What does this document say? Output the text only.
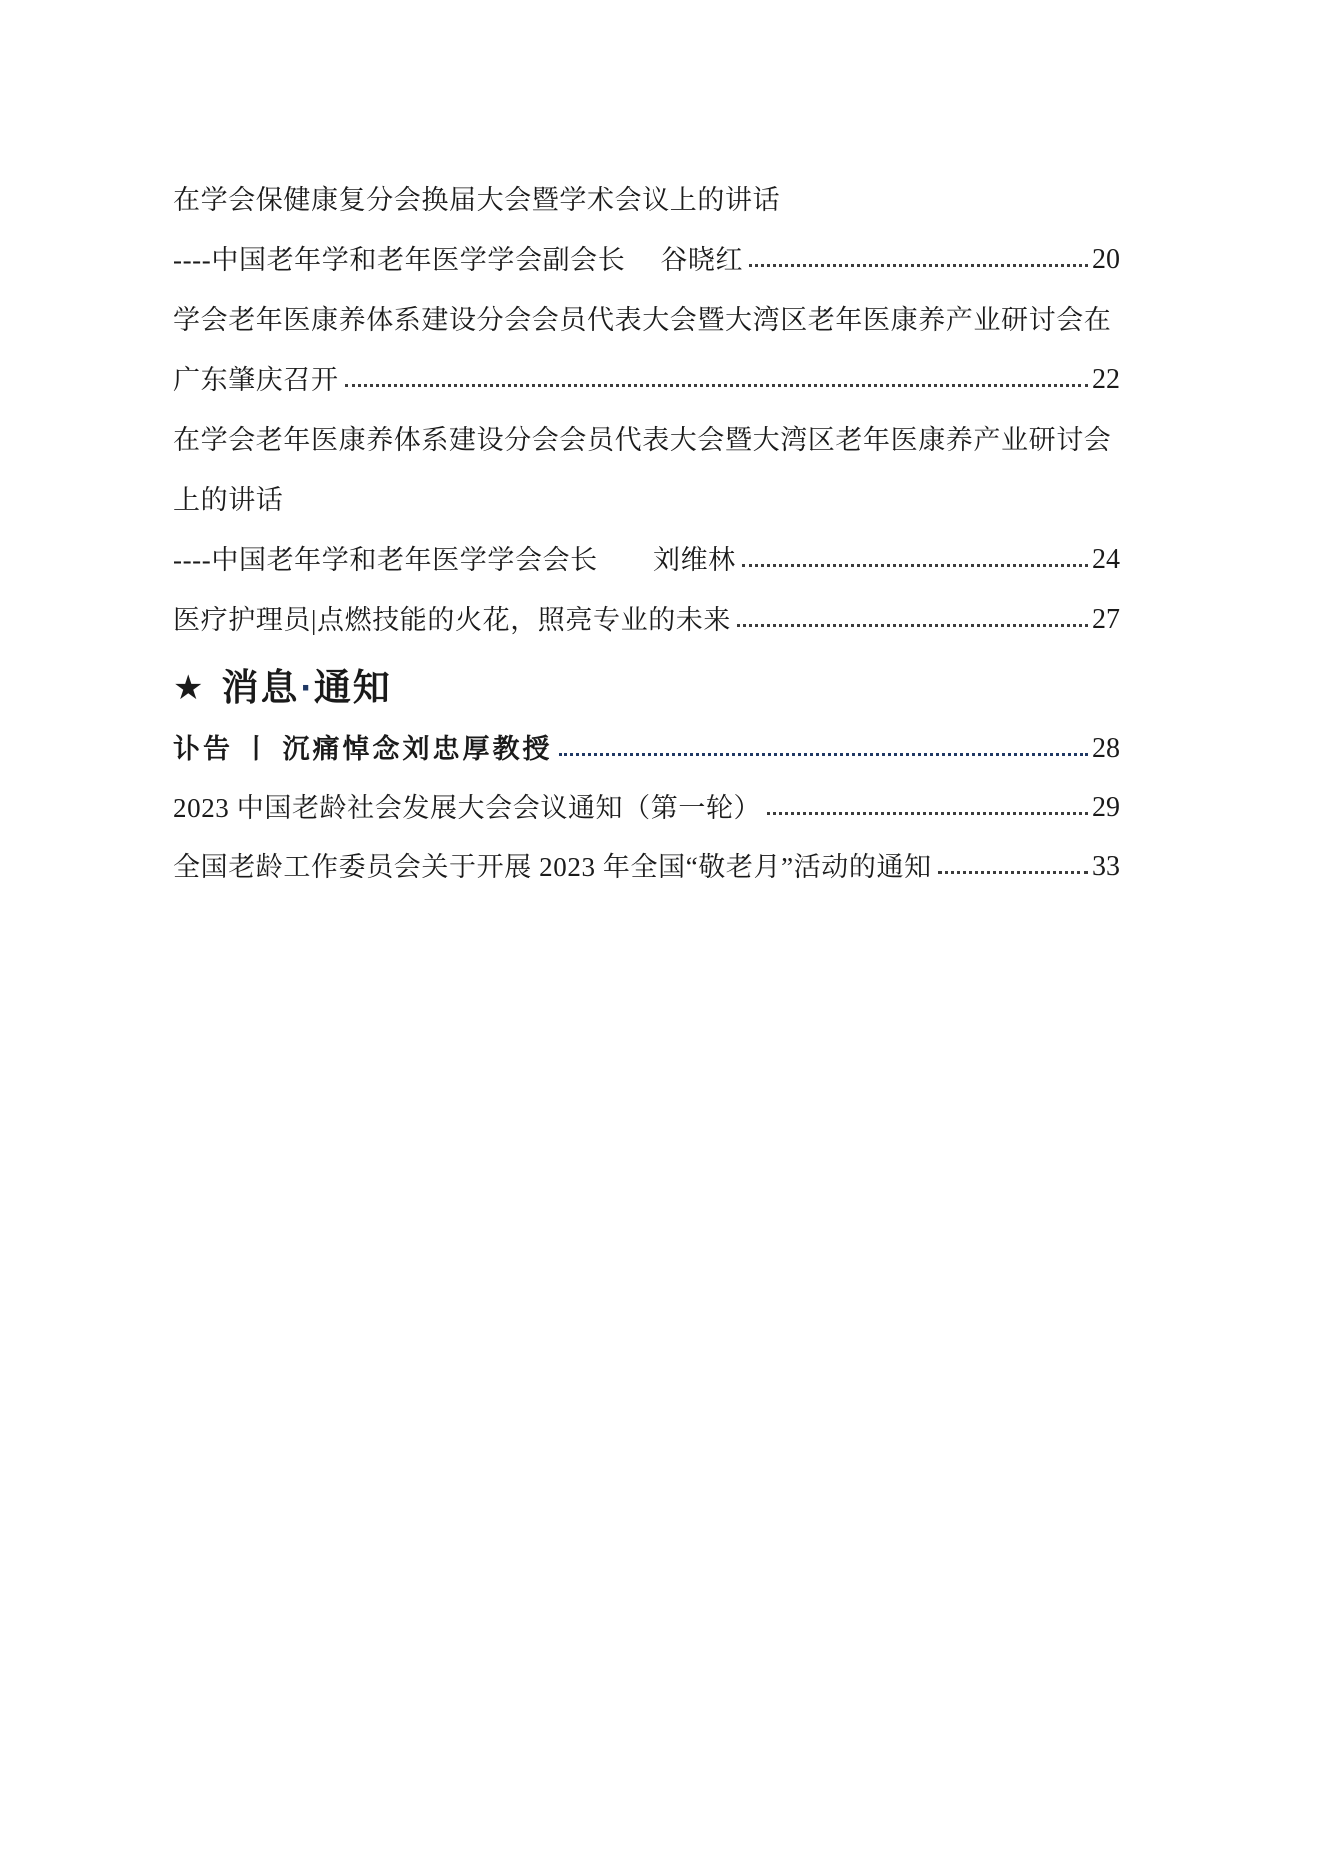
在学会保健康复分会换届大会暨学术会议上的讲话
----中国老年学和老年医学学会副会长　 谷晓红	20
学会老年医康养体系建设分会会员代表大会暨大湾区老年医康养产业研讨会在
广东肇庆召开	22
在学会老年医康养体系建设分会会员代表大会暨大湾区老年医康养产业研讨会
上的讲话
----中国老年学和老年医学学会会长　　刘维林	24
医疗护理员|点燃技能的火花，照亮专业的未来	27
★ 消息 · 通知
讣告 丨 沉痛悼念刘忠厚教授	28
2023 中国老龄社会发展大会会议通知（第一轮）	29
全国老龄工作委员会关于开展 2023 年全国“敬老月”活动的通知	33
